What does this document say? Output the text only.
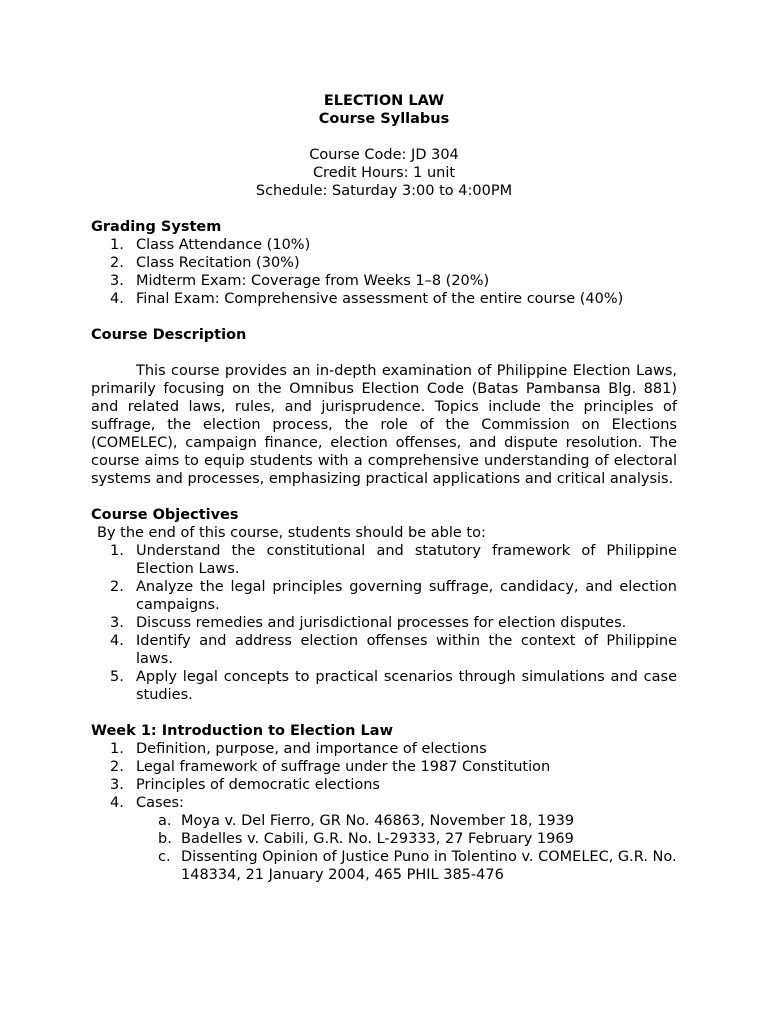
ELECTION LAW

Course Syllabus

Course Code: JD 304

Credit Hours: 1 unit

Schedule: Saturday 3:00 to 4:00PM

Grading System

1. Class Attendance (10%)
2. Class Recitation (30%)
3. Midterm Exam: Coverage from Weeks 1–8 (20%)
4. Final Exam: Comprehensive assessment of the entire course (40%)

Course Description

This course provides an in-depth examination of Philippine Election Laws, primarily focusing on the Omnibus Election Code (Batas Pambansa Blg. 881) and related laws, rules, and jurisprudence. Topics include the principles of suffrage, the election process, the role of the Commission on Elections (COMELEC), campaign finance, election offenses, and dispute resolution. The course aims to equip students with a comprehensive understanding of electoral systems and processes, emphasizing practical applications and critical analysis.

Course Objectives

By the end of this course, students should be able to:

1. Understand the constitutional and statutory framework of Philippine Election Laws.
2. Analyze the legal principles governing suffrage, candidacy, and election campaigns.
3. Discuss remedies and jurisdictional processes for election disputes.
4. Identify and address election offenses within the context of Philippine laws.
5. Apply legal concepts to practical scenarios through simulations and case studies.

Week 1: Introduction to Election Law

1. Definition, purpose, and importance of elections
2. Legal framework of suffrage under the 1987 Constitution
3. Principles of democratic elections
4. Cases:
a. Moya v. Del Fierro, GR No. 46863, November 18, 1939
b. Badelles v. Cabili, G.R. No. L-29333, 27 February 1969
c. Dissenting Opinion of Justice Puno in Tolentino v. COMELEC, G.R. No. 148334, 21 January 2004, 465 PHIL 385-476
